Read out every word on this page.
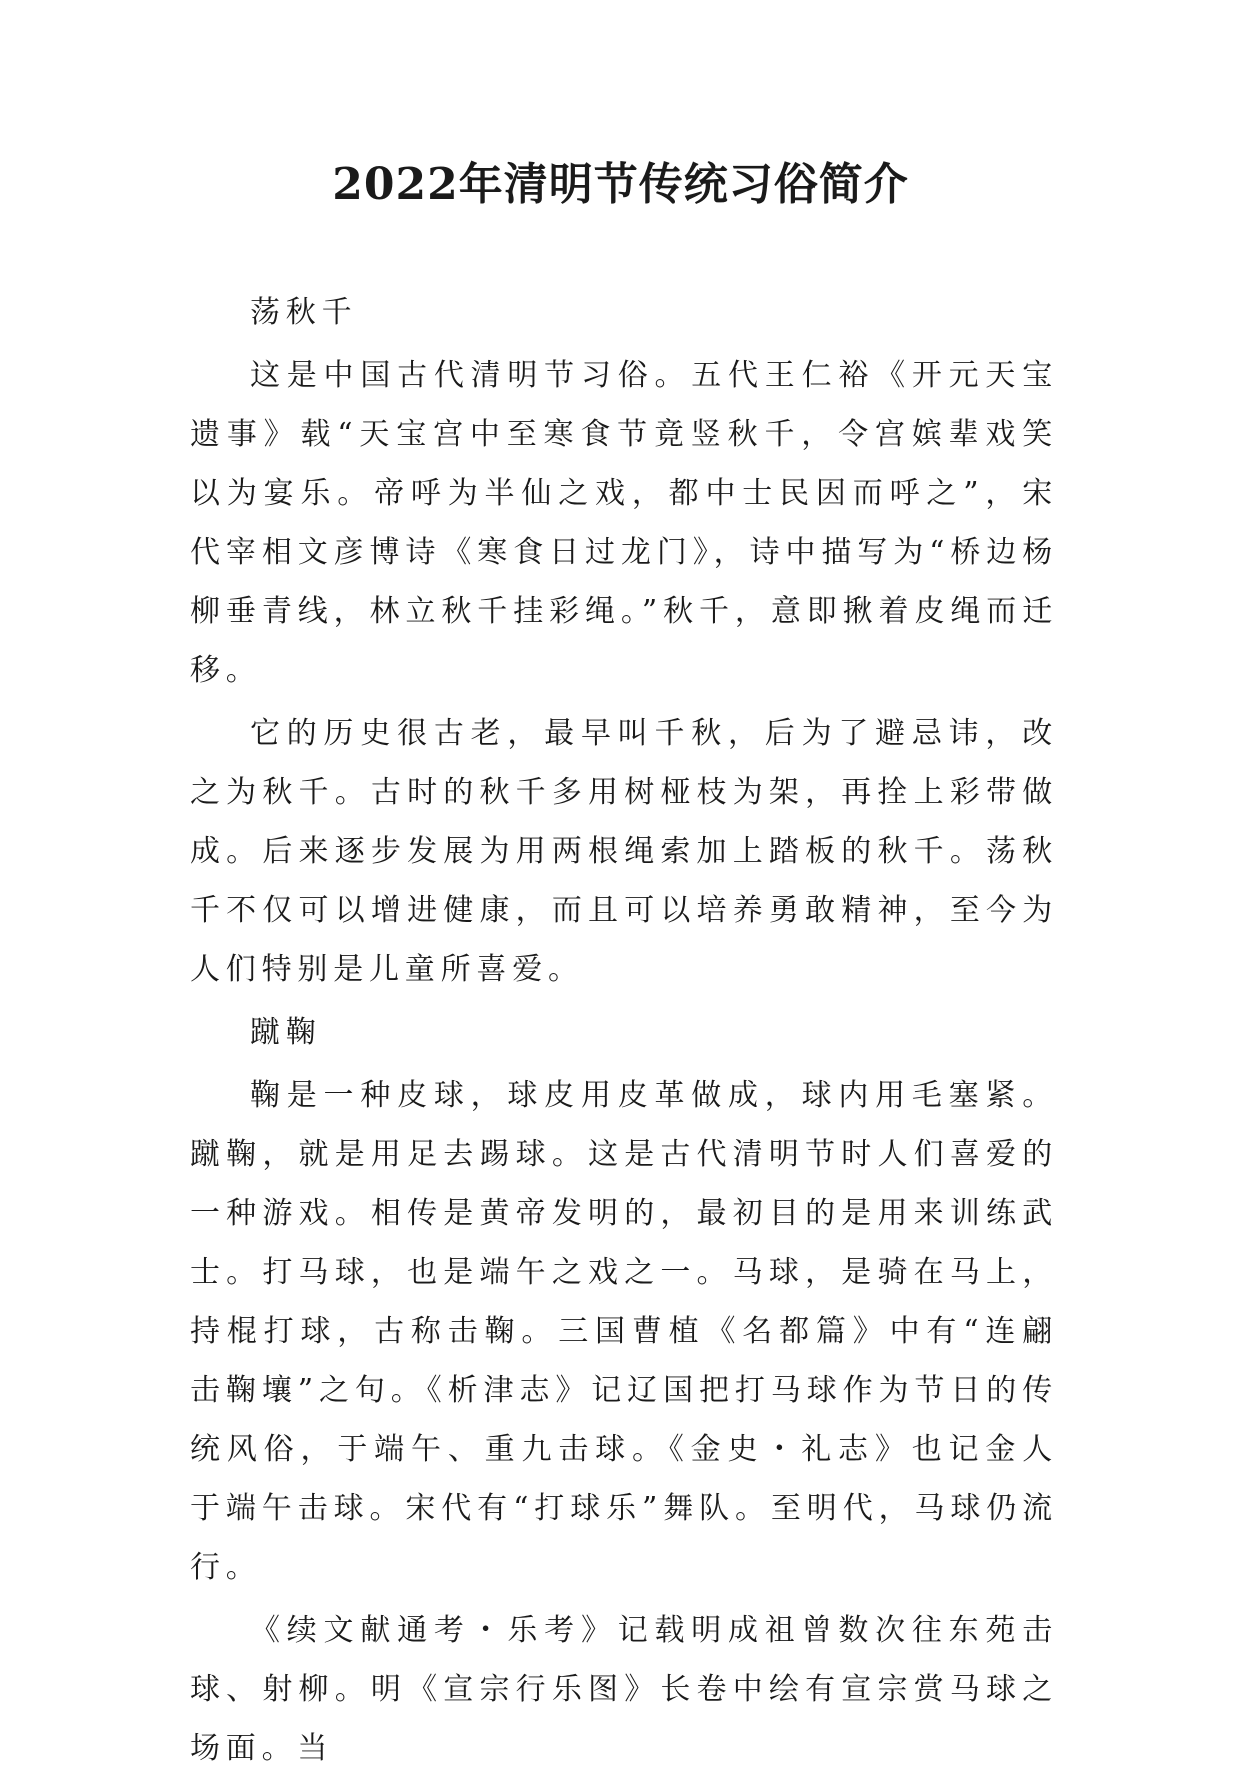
2022年清明节传统习俗简介

荡秋千

这是中国古代清明节习俗。五代王仁裕《开元天宝遗事》载“天宝宫中至寒食节竟竖秋千，令宫嫔辈戏笑以为宴乐。帝呼为半仙之戏，都中士民因而呼之”，宋代宰相文彦博诗《寒食日过龙门》，诗中描写为“桥边杨柳垂青线，林立秋千挂彩绳。”秋千，意即揪着皮绳而迁移。

它的历史很古老，最早叫千秋，后为了避忌讳，改之为秋千。古时的秋千多用树桠枝为架，再拴上彩带做成。后来逐步发展为用两根绳索加上踏板的秋千。荡秋千不仅可以增进健康，而且可以培养勇敢精神，至今为人们特别是儿童所喜爱。

蹴鞠

鞠是一种皮球，球皮用皮革做成，球内用毛塞紧。蹴鞠，就是用足去踢球。这是古代清明节时人们喜爱的一种游戏。相传是黄帝发明的，最初目的是用来训练武士。打马球，也是端午之戏之一。马球，是骑在马上，持棍打球，古称击鞠。三国曹植《名都篇》中有“连翩击鞠壤”之句。《析津志》记辽国把打马球作为节日的传统风俗，于端午、重九击球。《金史・礼志》也记金人于端午击球。宋代有“打球乐”舞队。至明代，马球仍流行。

《续文献通考・乐考》记载明成祖曾数次往东苑击球、射柳。明《宣宗行乐图》长卷中绘有宣宗赏马球之场面。当
